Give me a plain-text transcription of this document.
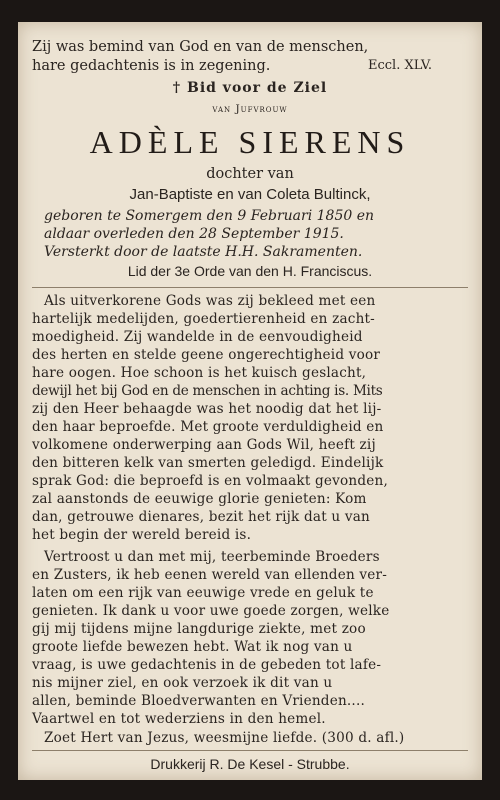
Zij was bemind van God en van de menschen,
hare gedachtenis is in zegening.	Eccl. XLV.
† Bid voor de Ziel
van Jufvrouw
ADÈLE SIERENS
dochter van
Jan-Baptiste en van Coleta Bultinck,
geboren te Somergem den 9 Februari 1850 en
aldaar overleden den 28 September 1915.
Versterkt door de laatste H.H. Sakramenten.
Lid der 3e Orde van den H. Franciscus.
Als uitverkorene Gods was zij bekleed met een
hartelijk medelijden, goedertierenheid en zacht-
moedigheid. Zij wandelde in de eenvoudigheid
des herten en stelde geene ongerechtigheid voor
hare oogen. Hoe schoon is het kuisch geslacht,
dewijl het bij God en de menschen in achting is. Mits
zij den Heer behaagde was het noodig dat het lij-
den haar beproefde. Met groote verduldigheid en
volkomene onderwerping aan Gods Wil, heeft zij
den bitteren kelk van smerten geledigd. Eindelijk
sprak God: die beproefd is en volmaakt gevonden,
zal aanstonds de eeuwige glorie genieten: Kom
dan, getrouwe dienares, bezit het rijk dat u van
het begin der wereld bereid is.
Vertroost u dan met mij, teerbeminde Broeders
en Zusters, ik heb eenen wereld van ellenden ver-
laten om een rijk van eeuwige vrede en geluk te
genieten. Ik dank u voor uwe goede zorgen, welke
gij mij tijdens mijne langdurige ziekte, met zoo
groote liefde bewezen hebt. Wat ik nog van u
vraag, is uwe gedachtenis in de gebeden tot lafe-
nis mijner ziel, en ook verzoek ik dit van u
allen, beminde Bloedverwanten en Vrienden....
Vaartwel en tot wederziens in den hemel.
Zoet Hert van Jezus, weesmijne liefde. (300 d. afl.)
Drukkerij R. De Kesel - Strubbe.
